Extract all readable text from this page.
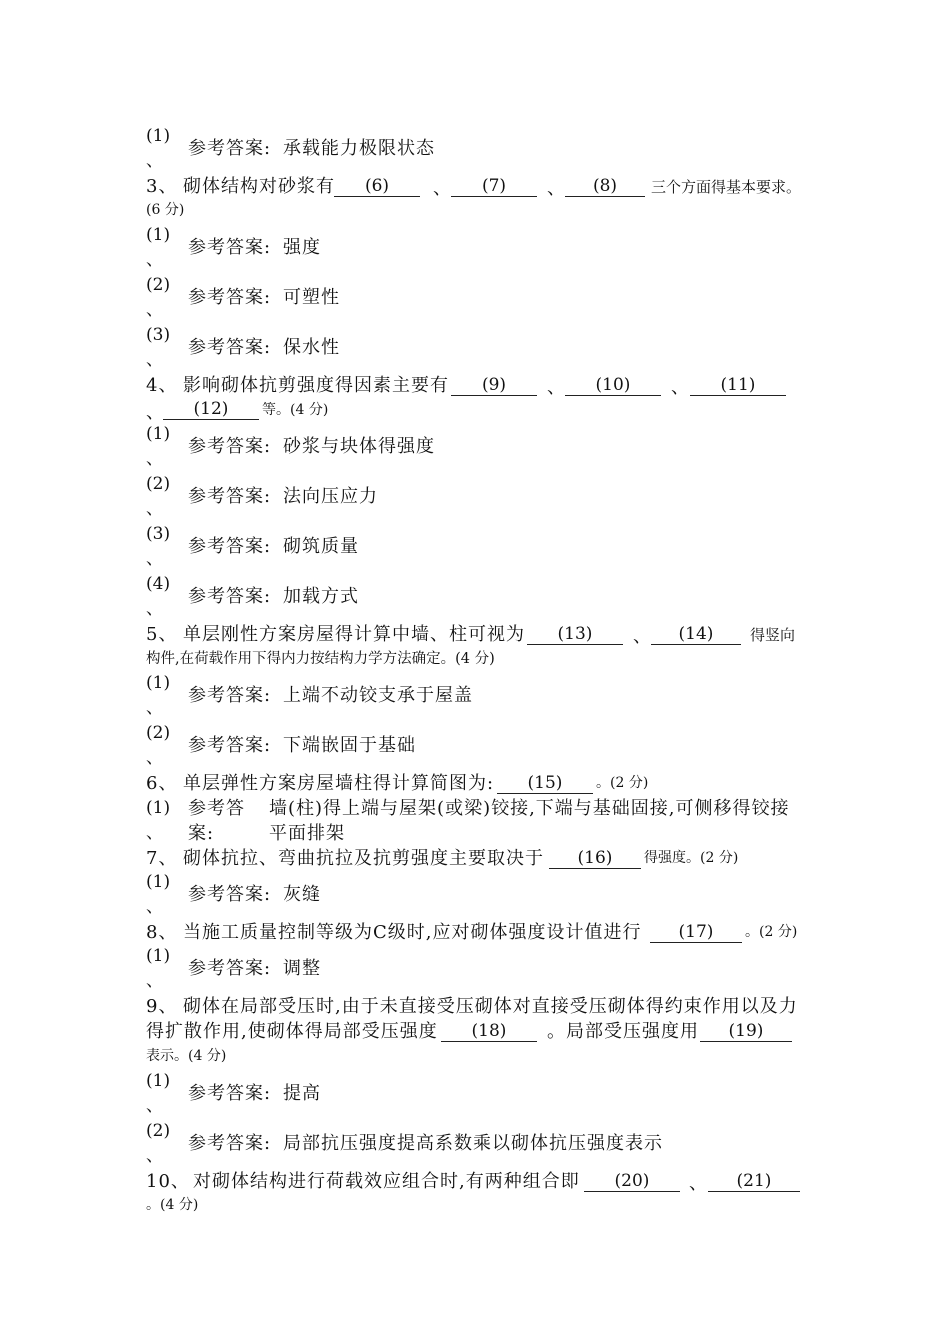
(1)
参考答案: 承载能力极限状态
、
3、 砌体结构对砂浆有	(6)	、	(7)	、	(8)	三个方面得基本要求。
(6 分)
(1)
参考答案: 强度
、
(2)
参考答案: 可塑性
、
(3)
参考答案: 保水性
、
4、 影响砌体抗剪强度得因素主要有	(9)	、	(10)	、	(11)
、	(12)	等。(4 分)
(1)
参考答案: 砂浆与块体得强度
、
(2)
参考答案: 法向压应力
、
(3)
参考答案: 砌筑质量
、
(4)
参考答案: 加载方式
、
5、 单层刚性方案房屋得计算中墙、柱可视为	(13)	、	(14)	得竖向
构件,在荷载作用下得内力按结构力学方法确定。(4 分)
(1)
参考答案: 上端不动铰支承于屋盖
、
(2)
参考答案: 下端嵌固于基础
、
6、 单层弹性方案房屋墙柱得计算简图为:	(15)	。(2 分)
(1) 参考答 墙(柱)得上端与屋架(或梁)铰接,下端与基础固接,可侧移得铰接
、 案:	平面排架
7、 砌体抗拉、弯曲抗拉及抗剪强度主要取决于	(16)	得强度。(2 分)
(1)
参考答案: 灰缝
、
8、 当施工质量控制等级为C级时,应对砌体强度设计值进行	(17)	。(2 分)
(1)
参考答案: 调整
、
9、 砌体在局部受压时,由于未直接受压砌体对直接受压砌体得约束作用以及力
得扩散作用,使砌体得局部受压强度	(18)	。局部受压强度用	(19)
表示。(4 分)
(1)
参考答案: 提高
、
(2)
参考答案: 局部抗压强度提高系数乘以砌体抗压强度表示
、
10、 对砌体结构进行荷载效应组合时,有两种组合即	(20)	、	(21)
。(4 分)
